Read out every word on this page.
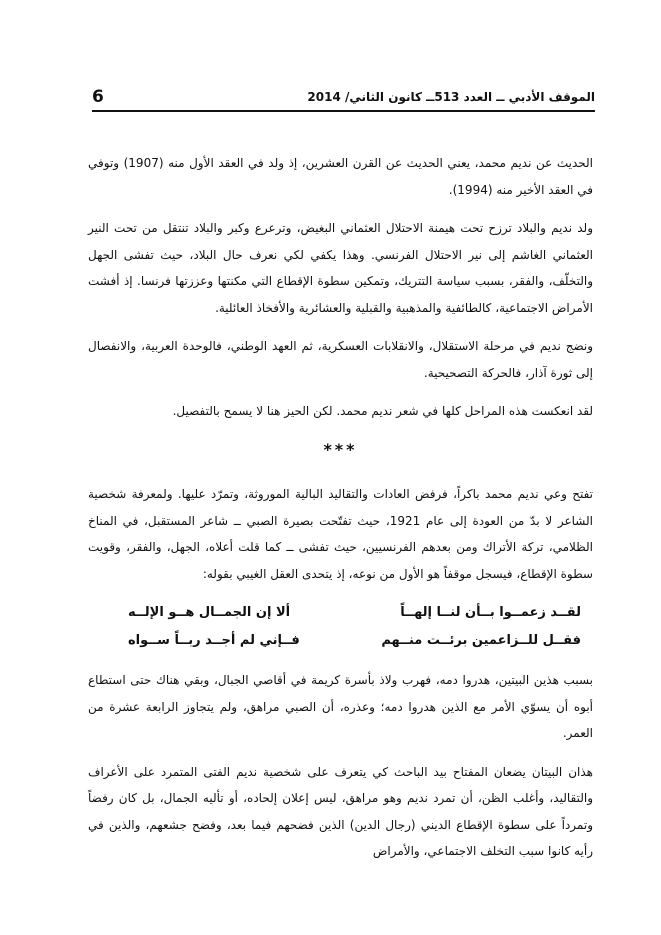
6	الموقف الأدبي ــ العدد 513ــ كانون الثاني/ 2014

الحديث عن نديم محمد، يعني الحديث عن القرن العشرين، إذ ولد في العقد الأول منه (1907) وتوفي في العقد الأخير منه (1994).

ولد نديم والبلاد ترزح تحت هيمنة الاحتلال العثماني البغيض، وترعرع وكبر والبلاد تنتقل من تحت النير العثماني الغاشم إلى نير الاحتلال الفرنسي. وهذا يكفي لكي نعرف حال البلاد، حيث تفشى الجهل والتخلّف، والفقر، بسبب سياسة التتريك، وتمكين سطوة الإقطاع التي مكنتها وعززتها فرنسا. إذ أفشت الأمراض الاجتماعية، كالطائفية والمذهبية والقبلية والعشائرية والأفخاذ العائلية.

ونضج نديم في مرحلة الاستقلال، والانقلابات العسكرية، ثم العهد الوطني، فالوحدة العربية، والانفصال إلى ثورة آذار، فالحركة التصحيحية.

لقد انعكست هذه المراحل كلها في شعر نديم محمد. لكن الحيز هنا لا يسمح بالتفصيل.

***

تفتح وعي نديم محمد باكراً، فرفض العادات والتقاليد البالية الموروثة، وتمرّد عليها. ولمعرفة شخصية الشاعر لا بدّ من العودة إلى عام 1921، حيث تفتّحت بصيرة الصبي ــ شاعر المستقبل، في المناخ الظلامي، تركة الأتراك ومن بعدهم الفرنسيين، حيث تفشى ــ كما قلت أعلاه، الجهل، والفقر، وقويت سطوة الإقطاع، فيسجل موقفاً هو الأول من نوعه، إذ يتحدى العقل الغيبي بقوله:

لقــد زعمــوا بــأن لنــا إلهــاً
ألا إن الجمــال هــو الإلــه
فقــل للــزاعمين برئــت منــهم
فــإني لم أجــد ربــاً ســواه

بسبب هذين البيتين، هدروا دمه، فهرب ولاذ بأسرة كريمة في أقاصي الجبال، وبقي هناك حتى استطاع أبوه أن يسوّي الأمر مع الذين هدروا دمه؛ وعذره، أن الصبي مراهق، ولم يتجاوز الرابعة عشرة من العمر.

هذان البيتان يضعان المفتاح بيد الباحث كي يتعرف على شخصية نديم الفتى المتمرد على الأعراف والتقاليد، وأغلب الظن، أن تمرد نديم وهو مراهق، ليس إعلان إلحاده، أو تأليه الجمال، بل كان رفضاً وتمرداً على سطوة الإقطاع الديني (رجال الدين) الذين فضحهم فيما بعد، وفضح جشعهم، والذين في رأيه كانوا سبب التخلف الاجتماعي، والأمراض
